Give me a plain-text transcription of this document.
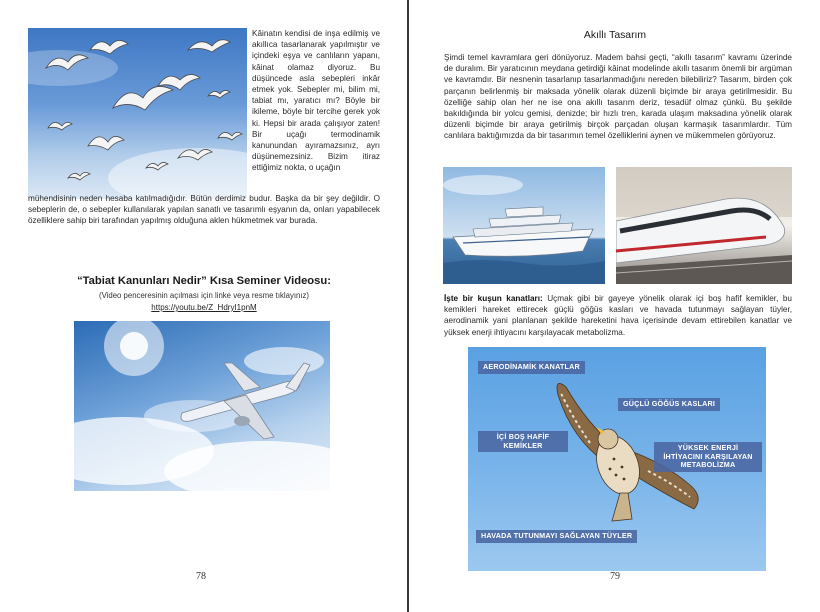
Kâinatın kendisi de inşa edilmiş ve akıllıca tasarlanarak yapılmıştır ve içindeki eşya ve canlıların yapanı, kâinat olamaz diyoruz. Bu düşüncede asla sebepleri inkâr etmek yok. Sebepler mi, bilim mi, tabiat mı, yaratıcı mı? Böyle bir ikileme, böyle bir tercihe gerek yok ki. Hepsi bir arada çalışıyor zaten! Bir uçağı termodinamik kanunundan ayıramazsınız, ayrı düşünemezsiniz. Bizim itiraz ettiğimiz nokta, o uçağın
mühendisinin neden hesaba katılmadığıdır. Bütün derdimiz budur. Başka da bir şey değildir. O sebeplerin de, o sebepler kullanılarak yapılan sanatlı ve tasarımlı eşyanın da, onları yapabilecek özelliklere sahip biri tarafından yapılmış olduğuna aklen hükmetmek var burada.
“Tabiat Kanunları Nedir” Kısa Seminer Videosu:
(Video penceresinin açılması için linke veya resme tıklayınız)
https://youtu.be/Z_HdryI1pnM
78
Akıllı Tasarım
Şimdi temel kavramlara geri dönüyoruz. Madem bahsi geçti, “akıllı tasarım” kavramı üzerinde de duralım. Bir yaratıcının meydana getirdiği kâinat modelinde akıllı tasarım önemli bir argüman ve kavramdır. Bir nesnenin tasarlanıp tasarlanmadığını nereden bilebiliriz? Tasarım, birden çok parçanın belirlenmiş bir maksada yönelik olarak düzenli biçimde bir araya getirilmesidir. Bu özelliğe sahip olan her ne ise ona akıllı tasarım deriz, tesadüf olmaz çünkü. Bu şekilde bakıldığında bir yolcu gemisi, denizde; bir hızlı tren, karada ulaşım maksadına yönelik olarak düzenli biçimde bir araya getirilmiş birçok parçadan oluşan karmaşık tasarımlardır. Tüm canlılara baktığımızda da bir tasarımın temel özelliklerini aynen ve mükemmelen görüyoruz.
İşte bir kuşun kanatları: Uçmak gibi bir gayeye yönelik olarak içi boş hafif kemikler, bu kemikleri hareket ettirecek güçlü göğüs kasları ve havada tutunmayı sağlayan tüyler, aerodinamik yani planlanan şekilde hareketini hava içerisinde devam ettirebilen kanatlar ve yüksek enerji ihtiyacını karşılayacak metabolizma.
AERODİNAMİK KANATLAR
GÜÇLÜ GÖĞÜS KASLARI
İÇİ BOŞ HAFİF KEMİKLER	YÜKSEK ENERJİ İHTİYACINI KARŞILAYAN METABOLİZMA
HAVADA TUTUNMAYI SAĞLAYAN TÜYLER
79
